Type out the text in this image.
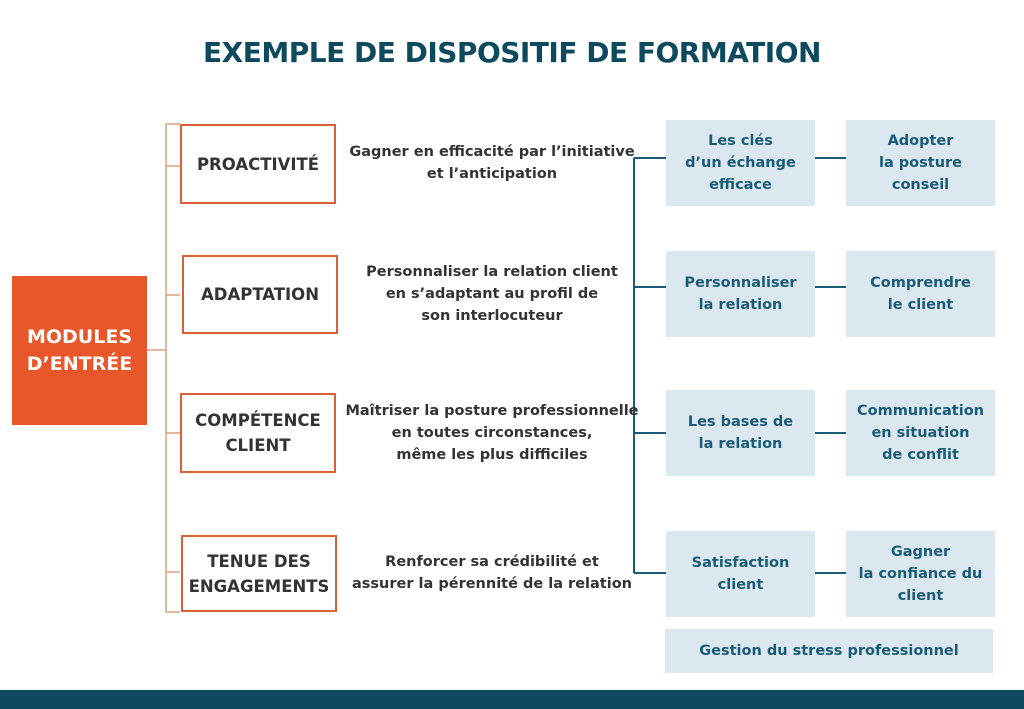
EXEMPLE DE DISPOSITIF DE FORMATION
MODULES
D’ENTRÉE
PROACTIVITÉ
ADAPTATION
COMPÉTENCE
CLIENT
TENUE DES
ENGAGEMENTS
Gagner en efficacité par l’initiative
et l’anticipation
Personnaliser la relation client
en s’adaptant au profil de
son interlocuteur
Maîtriser la posture professionnelle
en toutes circonstances,
même les plus difficiles
Renforcer sa crédibilité et
assurer la pérennité de la relation
Les clés
d’un échange
efficace
Personnaliser
la relation
Les bases de
la relation
Satisfaction
client
Adopter
la posture
conseil
Comprendre
le client
Communication
en situation
de conflit
Gagner
la confiance du
client
Gestion du stress professionnel
